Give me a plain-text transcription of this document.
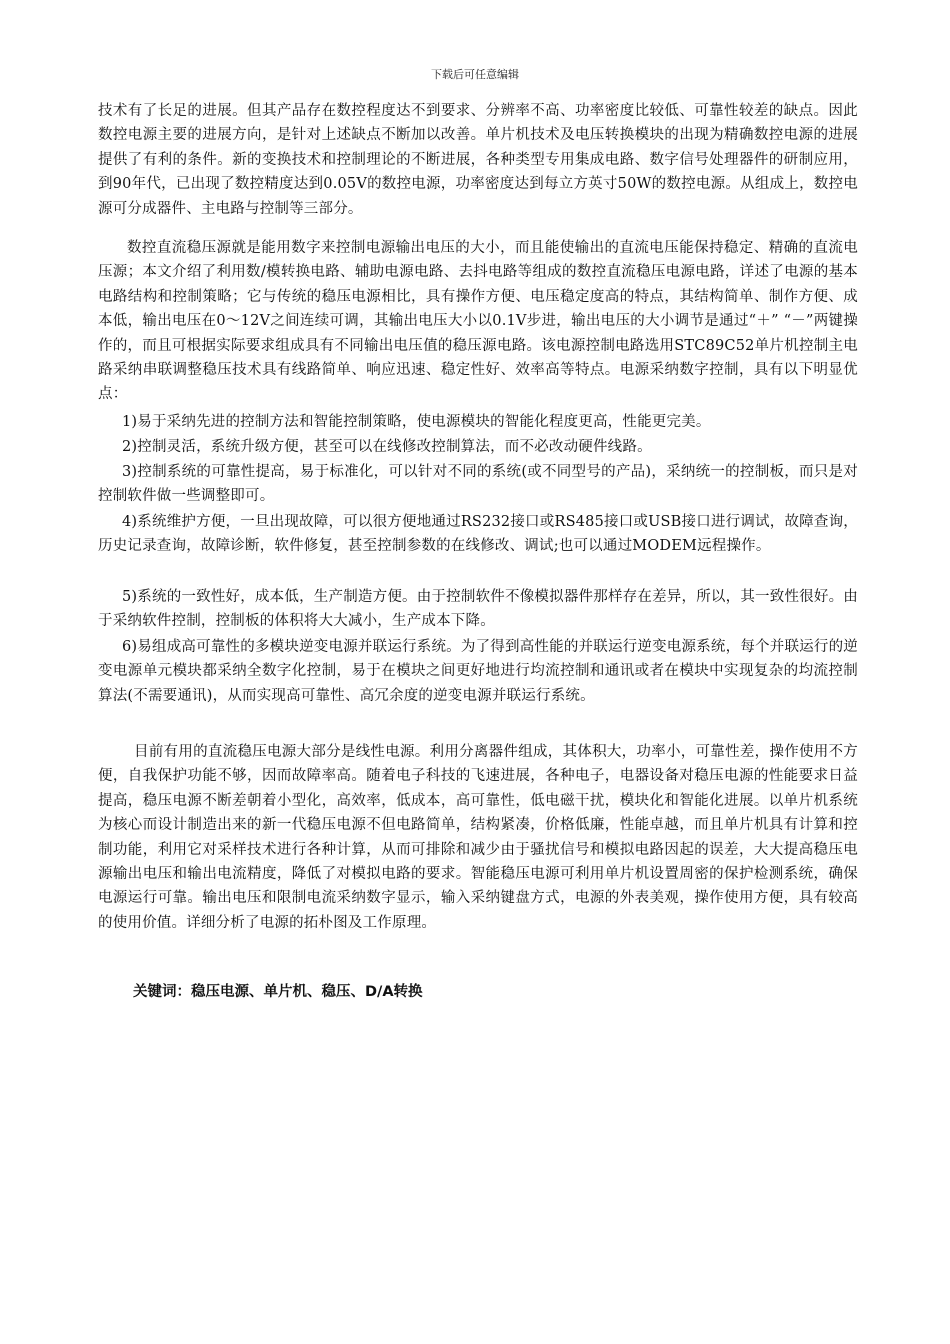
下载后可任意编辑
技术有了长足的进展。但其产品存在数控程度达不到要求、分辨率不高、功率密度比较低、可靠性较差的缺点。因此数控电源主要的进展方向，是针对上述缺点不断加以改善。单片机技术及电压转换模块的出现为精确数控电源的进展提供了有利的条件。新的变换技术和控制理论的不断进展，各种类型专用集成电路、数字信号处理器件的研制应用，到90年代，已出现了数控精度达到0.05V的数控电源，功率密度达到每立方英寸50W的数控电源。从组成上，数控电源可分成器件、主电路与控制等三部分。
数控直流稳压源就是能用数字来控制电源输出电压的大小，而且能使输出的直流电压能保持稳定、精确的直流电压源；本文介绍了利用数/模转换电路、辅助电源电路、去抖电路等组成的数控直流稳压电源电路，详述了电源的基本电路结构和控制策略；它与传统的稳压电源相比，具有操作方便、电压稳定度高的特点，其结构简单、制作方便、成本低，输出电压在0～12V之间连续可调，其输出电压大小以0.1V步进，输出电压的大小调节是通过“＋” “－”两键操作的，而且可根据实际要求组成具有不同输出电压值的稳压源电路。该电源控制电路选用STC89C52单片机控制主电路采纳串联调整稳压技术具有线路简单、响应迅速、稳定性好、效率高等特点。电源采纳数字控制，具有以下明显优点：
1)易于采纳先进的控制方法和智能控制策略，使电源模块的智能化程度更高，性能更完美。
2)控制灵活，系统升级方便，甚至可以在线修改控制算法，而不必改动硬件线路。
3)控制系统的可靠性提高，易于标准化，可以针对不同的系统(或不同型号的产品)，采纳统一的控制板，而只是对控制软件做一些调整即可。
4)系统维护方便，一旦出现故障，可以很方便地通过RS232接口或RS485接口或USB接口进行调试，故障查询，历史记录查询，故障诊断，软件修复，甚至控制参数的在线修改、调试;也可以通过MODEM远程操作。
5)系统的一致性好，成本低，生产制造方便。由于控制软件不像模拟器件那样存在差异，所以，其一致性很好。由于采纳软件控制，控制板的体积将大大减小，生产成本下降。
6)易组成高可靠性的多模块逆变电源并联运行系统。为了得到高性能的并联运行逆变电源系统，每个并联运行的逆变电源单元模块都采纳全数字化控制，易于在模块之间更好地进行均流控制和通讯或者在模块中实现复杂的均流控制算法(不需要通讯)，从而实现高可靠性、高冗余度的逆变电源并联运行系统。
目前有用的直流稳压电源大部分是线性电源。利用分离器件组成，其体积大，功率小，可靠性差，操作使用不方便，自我保护功能不够，因而故障率高。随着电子科技的飞速进展，各种电子，电器设备对稳压电源的性能要求日益提高，稳压电源不断差朝着小型化，高效率，低成本，高可靠性，低电磁干扰，模块化和智能化进展。以单片机系统为核心而设计制造出来的新一代稳压电源不但电路简单，结构紧凑，价格低廉，性能卓越，而且单片机具有计算和控制功能，利用它对采样技术进行各种计算，从而可排除和减少由于骚扰信号和模拟电路因起的误差，大大提高稳压电源输出电压和输出电流精度，降低了对模拟电路的要求。智能稳压电源可利用单片机设置周密的保护检测系统，确保电源运行可靠。输出电压和限制电流采纳数字显示，输入采纳键盘方式，电源的外表美观，操作使用方便，具有较高的使用价值。详细分析了电源的拓朴图及工作原理。
关键词：稳压电源、单片机、稳压、D/A转换
